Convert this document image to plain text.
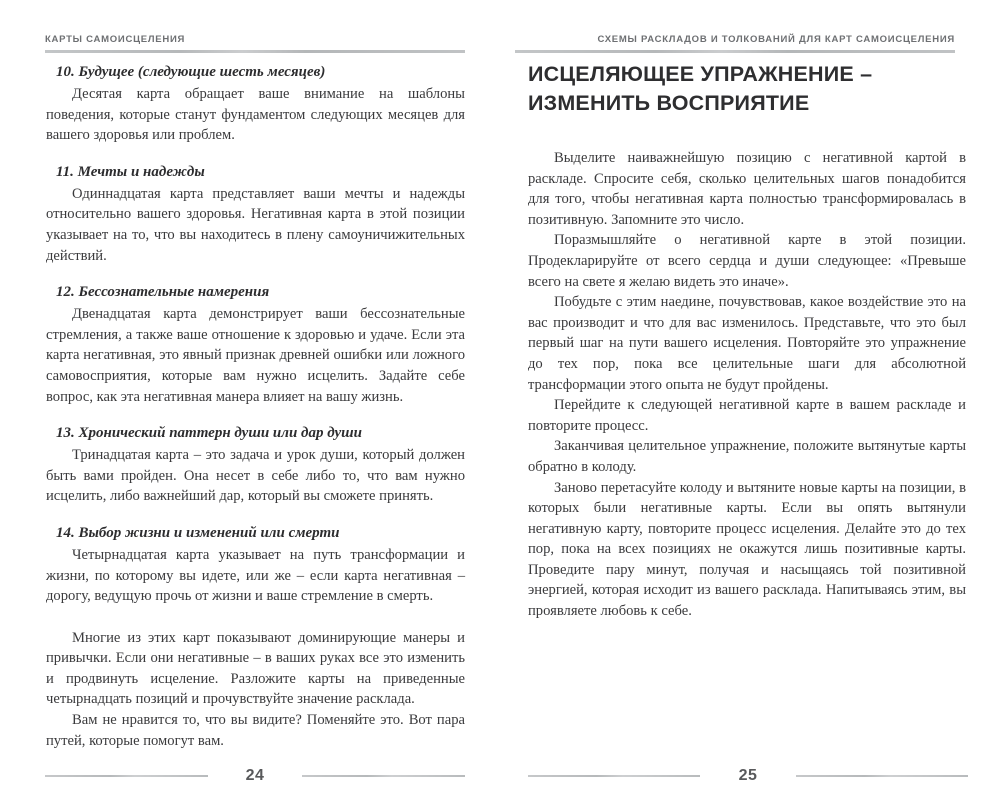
КАРТЫ САМОИСЦЕЛЕНИЯ
10. Будущее (следующие шесть месяцев)

Десятая карта обращает ваше внимание на шаблоны поведения, которые станут фундаментом следующих месяцев для вашего здоровья или проблем.

11. Мечты и надежды

Одиннадцатая карта представляет ваши мечты и надежды относительно вашего здоровья. Негативная карта в этой позиции указывает на то, что вы находитесь в плену самоуничижительных действий.

12. Бессознательные намерения

Двенадцатая карта демонстрирует ваши бессознательные стремления, а также ваше отношение к здоровью и удаче. Если эта карта негативная, это явный признак древней ошибки или ложного самовосприятия, которые вам нужно исцелить. Задайте себе вопрос, как эта негативная манера влияет на вашу жизнь.

13. Хронический паттерн души или дар души

Тринадцатая карта – это задача и урок души, который должен быть вами пройден. Она несет в себе либо то, что вам нужно исцелить, либо важнейший дар, который вы сможете принять.

14. Выбор жизни и изменений или смерти

Четырнадцатая карта указывает на путь трансформации и жизни, по которому вы идете, или же – если карта негативная – дорогу, ведущую прочь от жизни и ваше стремление в смерть.

Многие из этих карт показывают доминирующие манеры и привычки. Если они негативные – в ваших руках все это изменить и продвинуть исцеление. Разложите карты на приведенные четырнадцать позиций и прочувствуйте значение расклада.

Вам не нравится то, что вы видите? Поменяйте это. Вот пара путей, которые помогут вам.

24
СХЕМЫ РАСКЛАДОВ И ТОЛКОВАНИЙ ДЛЯ КАРТ САМОИСЦЕЛЕНИЯ
ИСЦЕЛЯЮЩЕЕ УПРАЖНЕНИЕ –
ИЗМЕНИТЬ ВОСПРИЯТИЕ

Выделите наиважнейшую позицию с негативной картой в раскладе. Спросите себя, сколько целительных шагов понадобится для того, чтобы негативная карта полностью трансформировалась в позитивную. Запомните это число.

Поразмышляйте о негативной карте в этой позиции. Продекларируйте от всего сердца и души следующее: «Превыше всего на свете я желаю видеть это иначе».

Побудьте с этим наедине, почувствовав, какое воздействие это на вас производит и что для вас изменилось. Представьте, что это был первый шаг на пути вашего исцеления. Повторяйте это упражнение до тех пор, пока все целительные шаги для абсолютной трансформации этого опыта не будут пройдены.

Перейдите к следующей негативной карте в вашем раскладе и повторите процесс.

Заканчивая целительное упражнение, положите вытянутые карты обратно в колоду.

Заново перетасуйте колоду и вытяните новые карты на позиции, в которых были негативные карты. Если вы опять вытянули негативную карту, повторите процесс исцеления. Делайте это до тех пор, пока на всех позициях не окажутся лишь позитивные карты. Проведите пару минут, получая и насыщаясь той позитивной энергией, которая исходит из вашего расклада. Напитываясь этим, вы проявляете любовь к себе.

25
